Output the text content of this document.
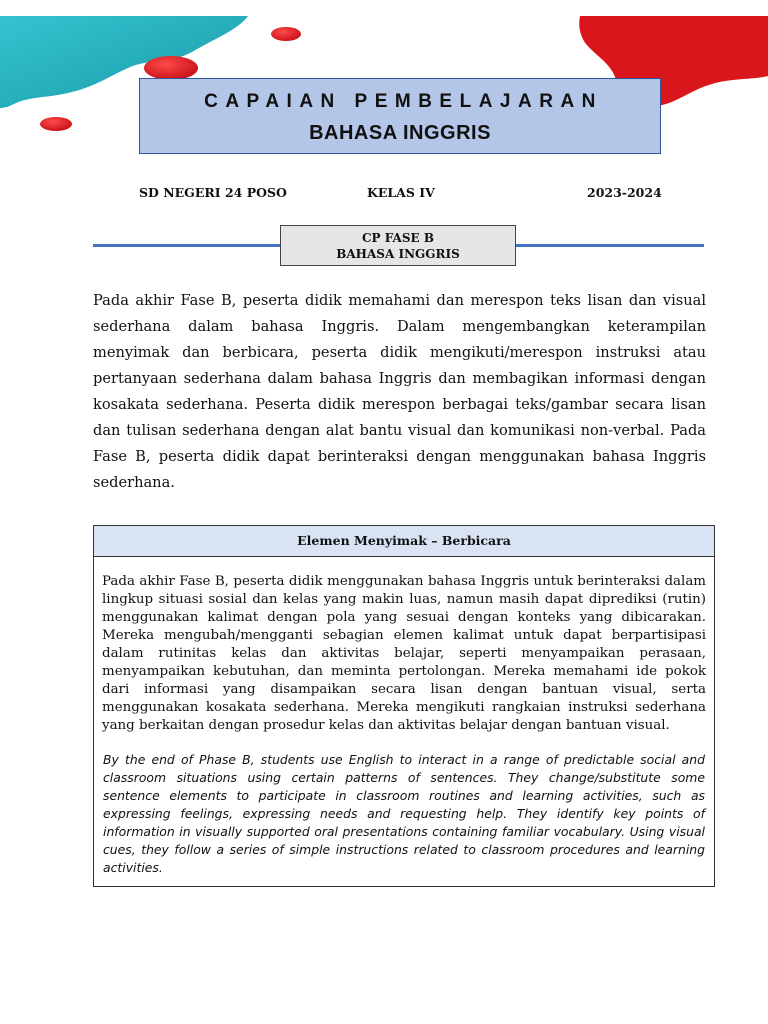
CAPAIAN PEMBELAJARAN
BAHASA INGGRIS
SD NEGERI 24 POSO	KELAS IV	2023-2024
CP FASE B
BAHASA INGGRIS

Pada akhir Fase B, peserta didik memahami dan merespon teks lisan dan visual sederhana dalam bahasa Inggris. Dalam mengembangkan keterampilan menyimak dan berbicara, peserta didik mengikuti/merespon instruksi atau pertanyaan sederhana dalam bahasa Inggris dan membagikan informasi dengan kosakata sederhana. Peserta didik merespon berbagai teks/gambar secara lisan dan tulisan sederhana dengan alat bantu visual dan komunikasi non-verbal. Pada Fase B, peserta didik dapat berinteraksi dengan menggunakan bahasa Inggris sederhana.

Elemen Menyimak – Berbicara

Pada akhir Fase B, peserta didik menggunakan bahasa Inggris untuk berinteraksi dalam lingkup situasi sosial dan kelas yang makin luas, namun masih dapat diprediksi (rutin) menggunakan kalimat dengan pola yang sesuai dengan konteks yang dibicarakan. Mereka mengubah/mengganti sebagian elemen kalimat untuk dapat berpartisipasi dalam rutinitas kelas dan aktivitas belajar, seperti menyampaikan perasaan, menyampaikan kebutuhan, dan meminta pertolongan. Mereka memahami ide pokok dari informasi yang disampaikan secara lisan dengan bantuan visual, serta menggunakan kosakata sederhana. Mereka mengikuti rangkaian instruksi sederhana yang berkaitan dengan prosedur kelas dan aktivitas belajar dengan bantuan visual.

By the end of Phase B, students use English to interact in a range of predictable social and classroom situations using certain patterns of sentences. They change/substitute some sentence elements to participate in classroom routines and learning activities, such as expressing feelings, expressing needs and requesting help. They identify key points of information in visually supported oral presentations containing familiar vocabulary. Using visual cues, they follow a series of simple instructions related to classroom procedures and learning activities.
